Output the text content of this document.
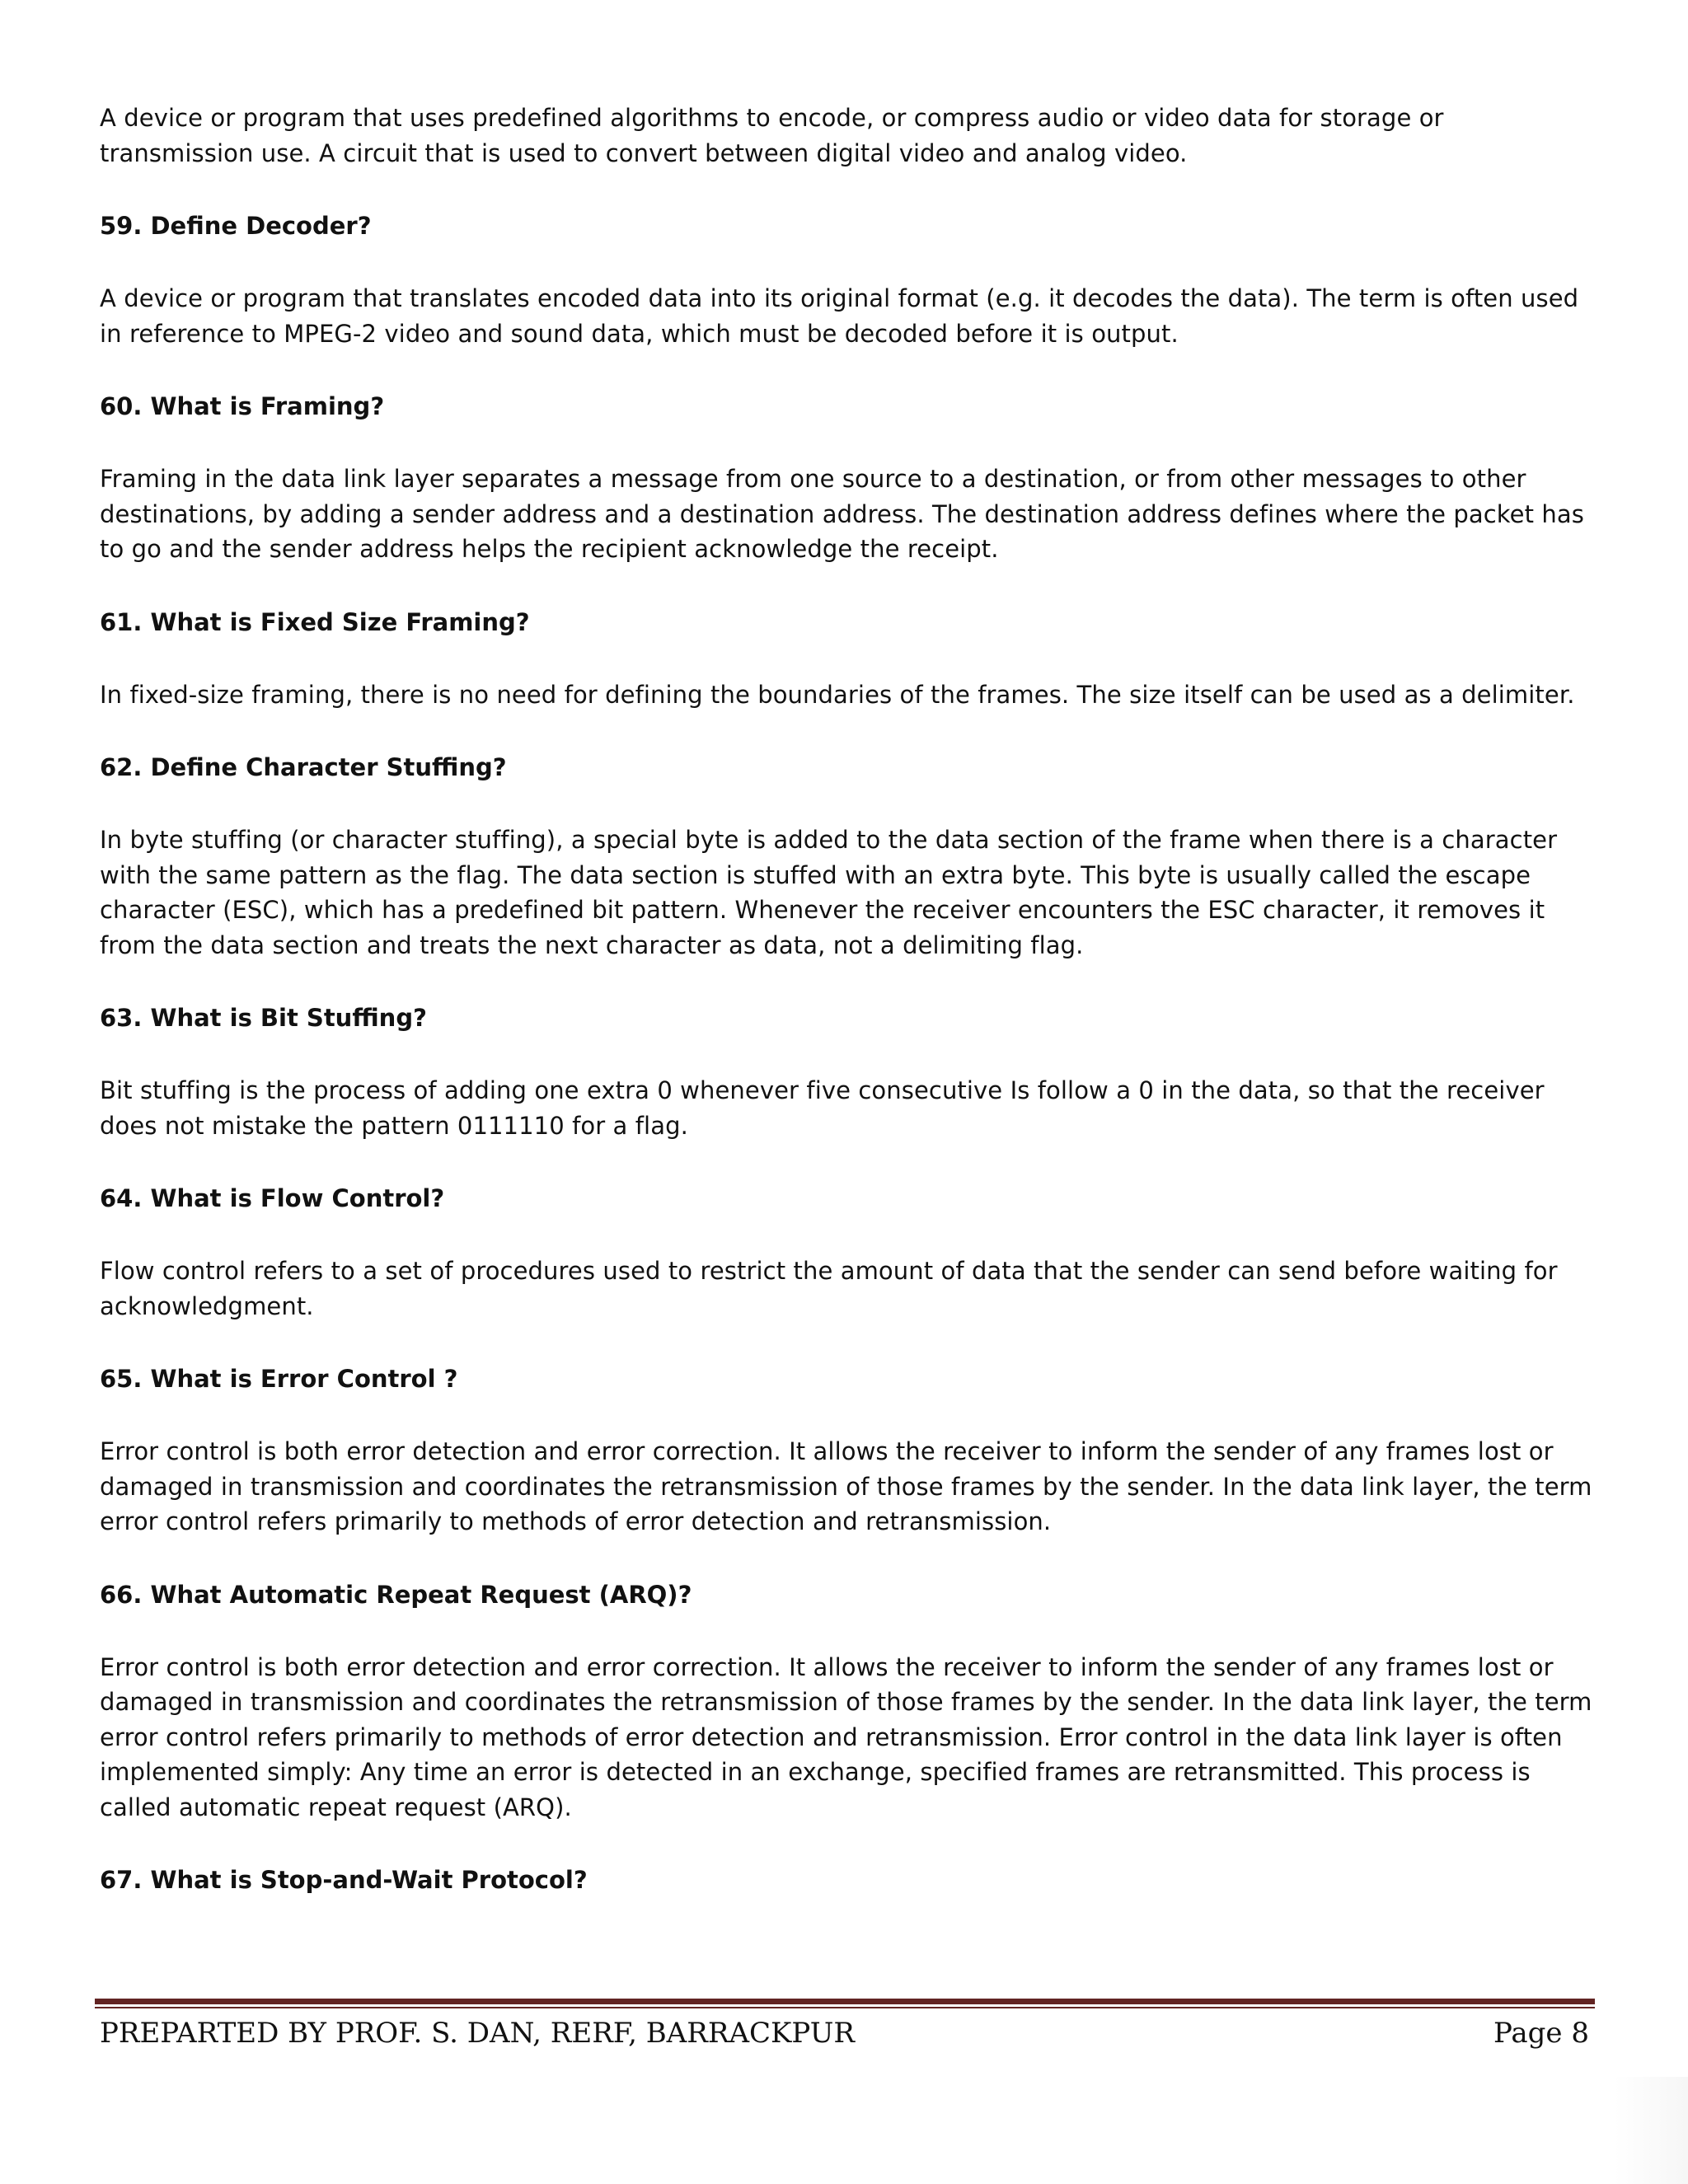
A device or program that uses predefined algorithms to encode, or compress audio or video data for storage or transmission use. A circuit that is used to convert between digital video and analog video.

59. Define Decoder?

A device or program that translates encoded data into its original format (e.g. it decodes the data). The term is often used in reference to MPEG-2 video and sound data, which must be decoded before it is output.

60. What is Framing?

Framing in the data link layer separates a message from one source to a destination, or from other messages to other destinations, by adding a sender address and a destination address. The destination address defines where the packet has to go and the sender address helps the recipient acknowledge the receipt.

61. What is Fixed Size Framing?

In fixed-size framing, there is no need for defining the boundaries of the frames. The size itself can be used as a delimiter.

62. Define Character Stuffing?

In byte stuffing (or character stuffing), a special byte is added to the data section of the frame when there is a character with the same pattern as the flag. The data section is stuffed with an extra byte. This byte is usually called the escape character (ESC), which has a predefined bit pattern. Whenever the receiver encounters the ESC character, it removes it from the data section and treats the next character as data, not a delimiting flag.

63. What is Bit Stuffing?

Bit stuffing is the process of adding one extra 0 whenever five consecutive Is follow a 0 in the data, so that the receiver does not mistake the pattern 0111110 for a flag.

64. What is Flow Control?

Flow control refers to a set of procedures used to restrict the amount of data that the sender can send before waiting for acknowledgment.

65. What is Error Control ?

Error control is both error detection and error correction. It allows the receiver to inform the sender of any frames lost or damaged in transmission and coordinates the retransmission of those frames by the sender. In the data link layer, the term error control refers primarily to methods of error detection and retransmission.

66. What Automatic Repeat Request (ARQ)?

Error control is both error detection and error correction. It allows the receiver to inform the sender of any frames lost or damaged in transmission and coordinates the retransmission of those frames by the sender. In the data link layer, the term error control refers primarily to methods of error detection and retransmission. Error control in the data link layer is often implemented simply: Any time an error is detected in an exchange, specified frames are retransmitted. This process is called automatic repeat request (ARQ).

67. What is Stop-and-Wait Protocol?
PREPARTED BY PROF. S. DAN, RERF, BARRACKPUR	Page 8
